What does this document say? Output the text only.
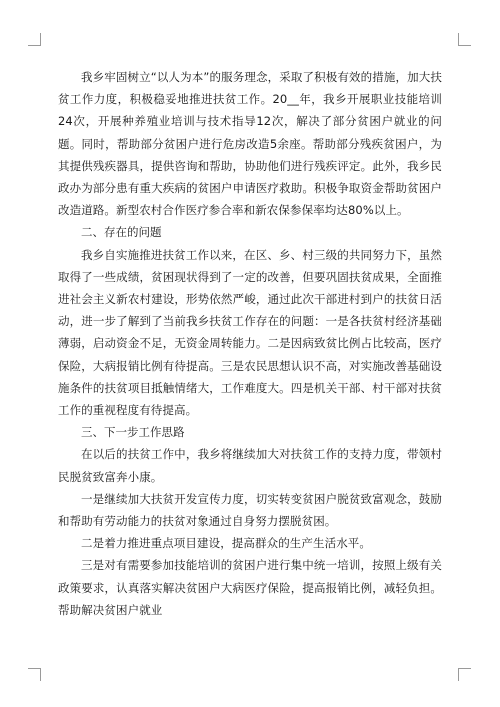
我乡牢固树立“以人为本”的服务理念，采取了积极有效的措施，加大扶贫工作力度，积极稳妥地推进扶贫工作。20__年，我乡开展职业技能培训24次，开展种养殖业培训与技术指导12次，解决了部分贫困户就业的问题。同时，帮助部分贫困户进行危房改造5余座。帮助部分残疾贫困户，为其提供残疾器具，提供咨询和帮助，协助他们进行残疾评定。此外，我乡民政办为部分患有重大疾病的贫困户申请医疗救助。积极争取资金帮助贫困户改造道路。新型农村合作医疗参合率和新农保参保率均达80%以上。

二、存在的问题

我乡自实施推进扶贫工作以来，在区、乡、村三级的共同努力下，虽然取得了一些成绩，贫困现状得到了一定的改善，但要巩固扶贫成果，全面推进社会主义新农村建设，形势依然严峻，通过此次干部进村到户的扶贫日活动，进一步了解到了当前我乡扶贫工作存在的问题：一是各扶贫村经济基础薄弱，启动资金不足，无资金周转能力。二是因病致贫比例占比较高，医疗保险，大病报销比例有待提高。三是农民思想认识不高，对实施改善基础设施条件的扶贫项目抵触情绪大，工作难度大。四是机关干部、村干部对扶贫工作的重视程度有待提高。

三、下一步工作思路

在以后的扶贫工作中，我乡将继续加大对扶贫工作的支持力度，带领村民脱贫致富奔小康。

一是继续加大扶贫开发宣传力度，切实转变贫困户脱贫致富观念，鼓励和帮助有劳动能力的扶贫对象通过自身努力摆脱贫困。

二是着力推进重点项目建设，提高群众的生产生活水平。

三是对有需要参加技能培训的贫困户进行集中统一培训，按照上级有关政策要求，认真落实解决贫困户大病医疗保险，提高报销比例，减轻负担。帮助解决贫困户就业
